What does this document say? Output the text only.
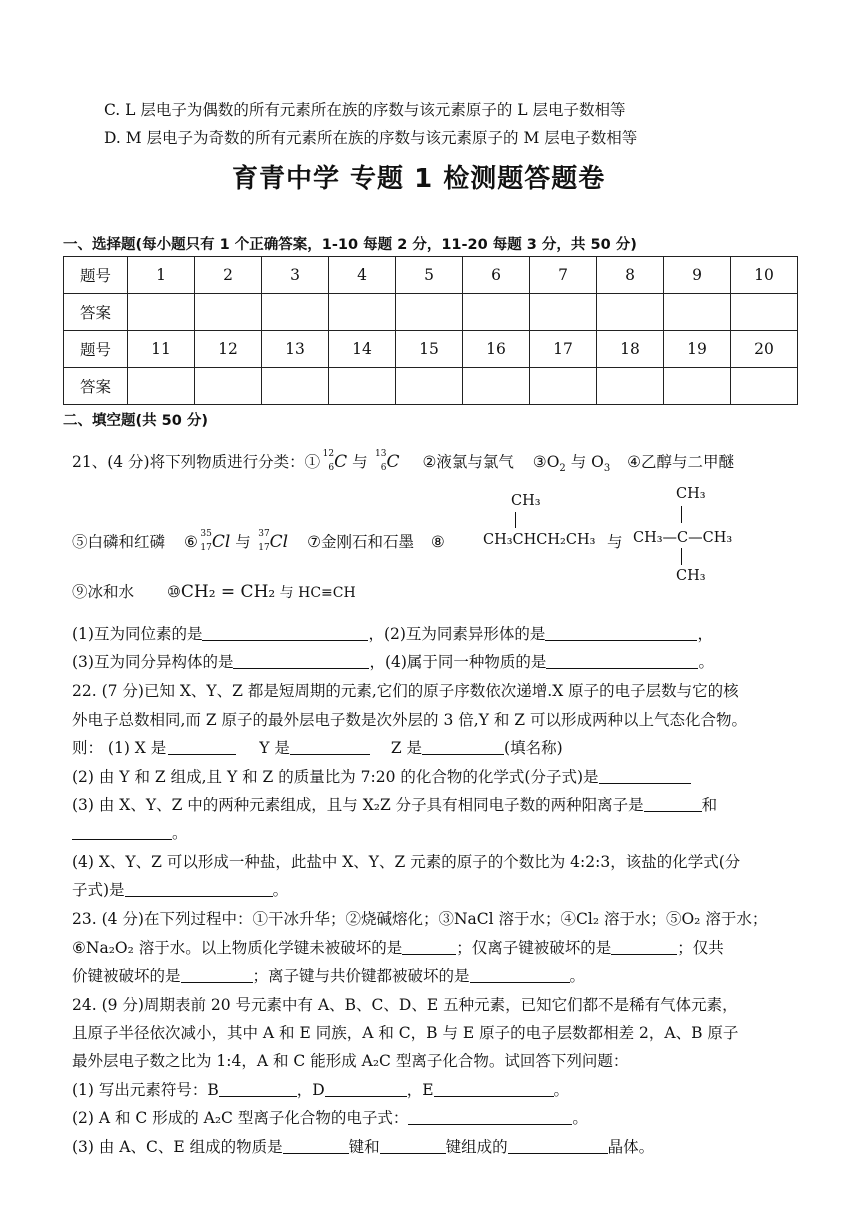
C. L 层电子为偶数的所有元素所在族的序数与该元素原子的 L 层电子数相等
D. M 层电子为奇数的所有元素所在族的序数与该元素原子的 M 层电子数相等
育青中学 专题 1 检测题答题卷
一、选择题(每小题只有 1 个正确答案，1-10 每题 2 分，11-20 每题 3 分，共 50 分)
题号	1	2	3	4	5	6	7	8	9	10
答案										
题号	11	12	13	14	15	16	17	18	19	20
答案										
二、填空题(共 50 分)
21、(4 分)将下列物质进行分类：① 12
6 C 与 13
6 C ②液氯与氯气 $③O_2$ 与 $O_3$ ④乙醇与二甲醚
CH₃	CH₃
CH₃
⑤白磷和红磷 ⑥ 35
17 Cl 与 37
17 Cl ⑦金刚石和石墨 ⑧	CH₃CHCH₂CH₃ 与 CH₃—C—CH₃
⑨冰和水 ⑩CH₂ = CH₂ 与 HC≡CH
(1)互为同位素的是	，(2)互为同素异形体的是	，
(3)互为同分异构体的是	，(4)属于同一种物质的是	。
22. (7 分)已知 X、Y、Z 都是短周期的元素,它们的原子序数依次递增.X 原子的电子层数与它的核
外电子总数相同,而 Z 原子的最外层电子数是次外层的 3 倍,Y 和 Z 可以形成两种以上气态化合物。
则： (1) X 是	Y 是	Z 是	(填名称)
(2) 由 Y 和 Z 组成,且 Y 和 Z 的质量比为 7:20 的化合物的化学式(分子式)是
(3) 由 X、Y、Z 中的两种元素组成，且与 X₂Z 分子具有相同电子数的两种阳离子是	和
。
(4) X、Y、Z 可以形成一种盐，此盐中 X、Y、Z 元素的原子的个数比为 4:2:3，该盐的化学式(分
子式)是	。
23. (4 分)在下列过程中：①干冰升华；②烧碱熔化；③NaCl 溶于水；④Cl₂ 溶于水；⑤O₂ 溶于水；
⑥Na₂O₂ 溶于水。以上物质化学键未被破坏的是	；仅离子键被破坏的是	；仅共
价键被破坏的是	；离子键与共价键都被破坏的是	。
24. (9 分)周期表前 20 号元素中有 A、B、C、D、E 五种元素，已知它们都不是稀有气体元素，
且原子半径依次减小，其中 A 和 E 同族，A 和 C，B 与 E 原子的电子层数都相差 2，A、B 原子
最外层电子数之比为 1:4，A 和 C 能形成 A₂C 型离子化合物。试回答下列问题：
(1) 写出元素符号：B	，D	，E	。
(2) A 和 C 形成的 A₂C 型离子化合物的电子式：	。
(3) 由 A、C、E 组成的物质是	键和	键组成的	晶体。
